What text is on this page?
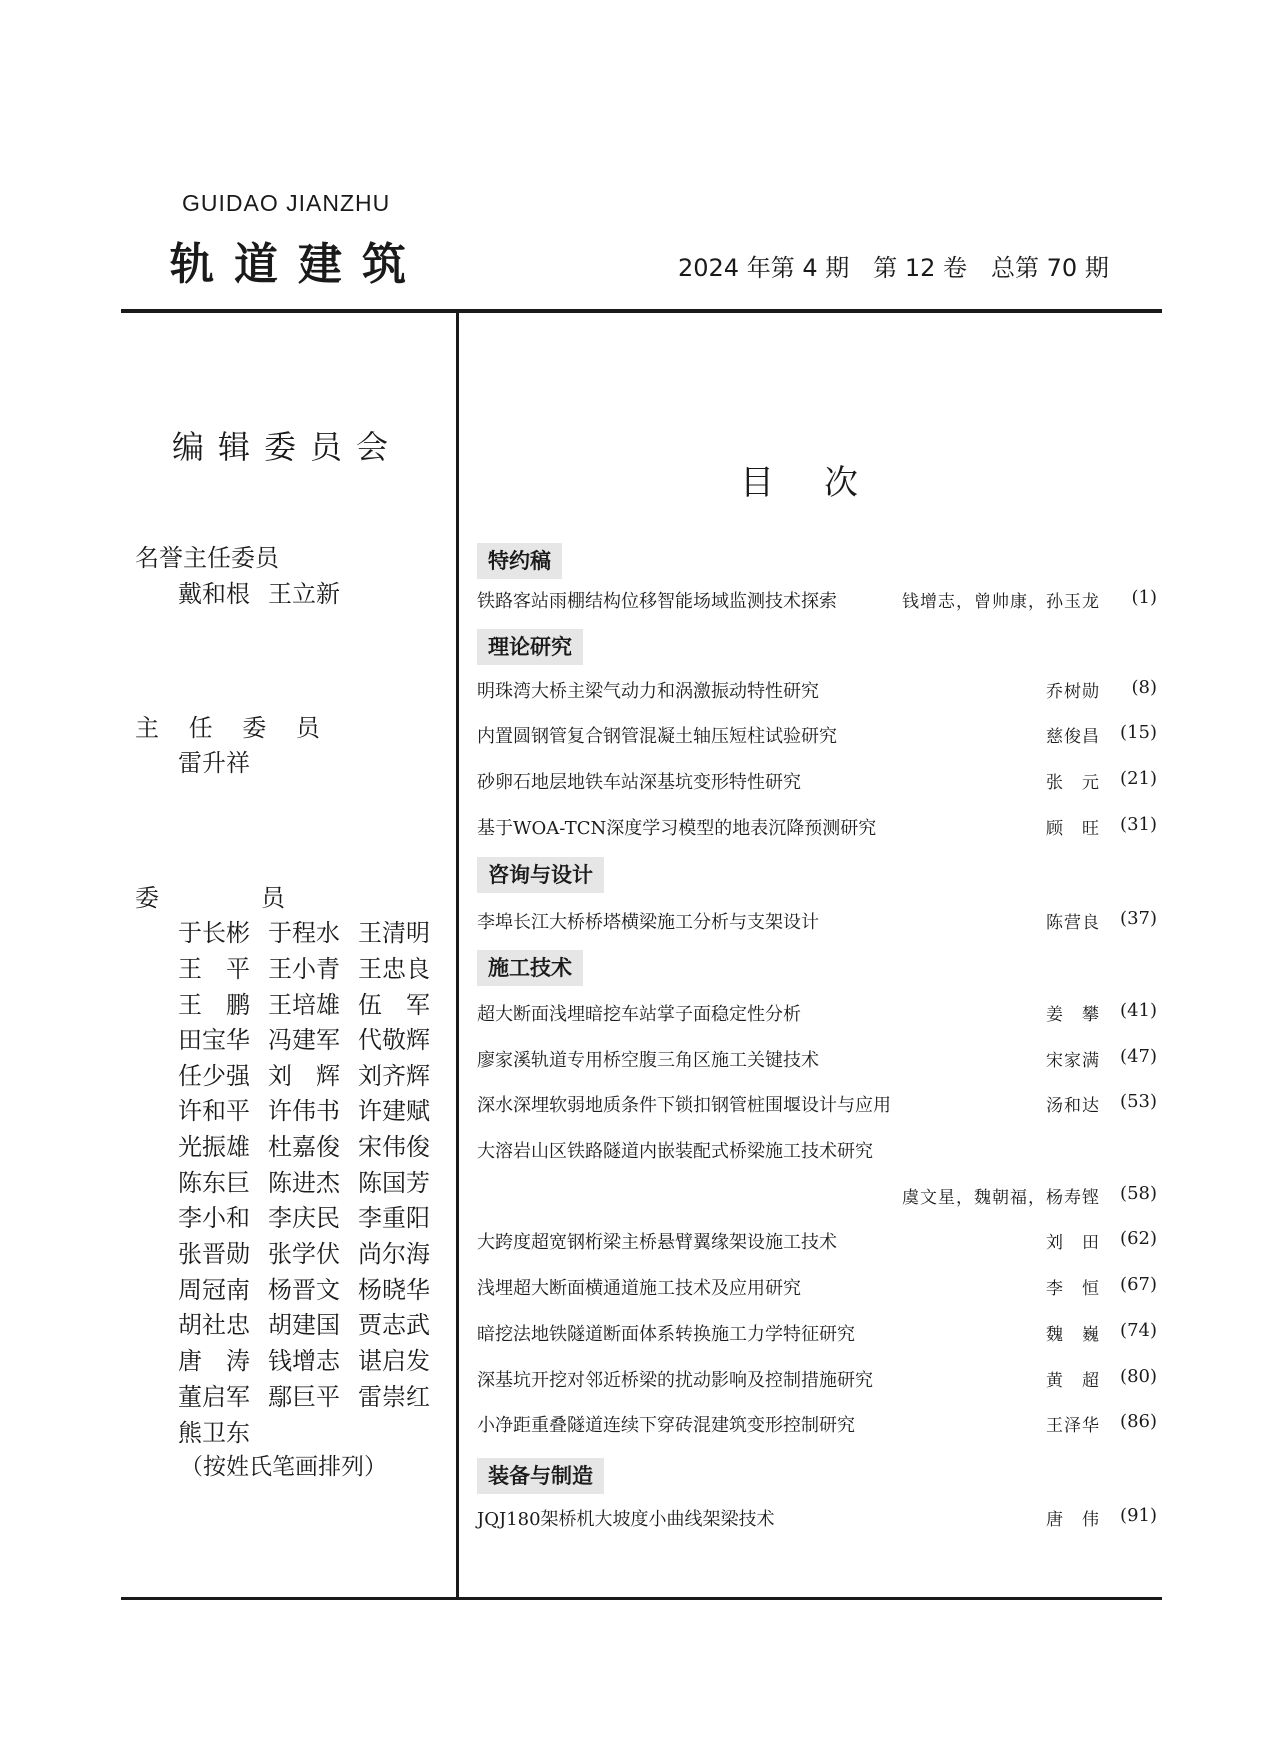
GUIDAO JIANZHU
轨道建筑	2024 年第 4 期 第 12 卷 总第 70 期
编辑委员会
名誉主任委员
戴和根 王立新
主 任 委 员
雷升祥
委	员
于长彬 于程水 王清明
王　平 王小青 王忠良
王　鹏 王培雄 伍　军
田宝华 冯建军 代敬辉
任少强 刘　辉 刘齐辉
许和平 许伟书 许建赋
光振雄 杜嘉俊 宋伟俊
陈东巨 陈进杰 陈国芳
李小和 李庆民 李重阳
张晋勋 张学伏 尚尔海
周冠南 杨晋文 杨晓华
胡社忠 胡建国 贾志武
唐　涛 钱增志 谌启发
董启军 鄢巨平 雷崇红
熊卫东
（按姓氏笔画排列）
目次
特约稿
铁路客站雨棚结构位移智能场域监测技术探索	钱增志，曾帅康，孙玉龙 (1)
理论研究
明珠湾大桥主梁气动力和涡激振动特性研究	乔树勋 (8)
内置圆钢管复合钢管混凝土轴压短柱试验研究	慈俊昌 (15)
砂卵石地层地铁车站深基坑变形特性研究	张　元 (21)
基于WOA-TCN深度学习模型的地表沉降预测研究	顾　旺 (31)
咨询与设计
李埠长江大桥桥塔横梁施工分析与支架设计	陈营良 (37)
施工技术
超大断面浅埋暗挖车站掌子面稳定性分析	姜　攀 (41)
廖家溪轨道专用桥空腹三角区施工关键技术	宋家满 (47)
深水深埋软弱地质条件下锁扣钢管桩围堰设计与应用	汤和达 (53)
大溶岩山区铁路隧道内嵌装配式桥梁施工技术研究
虞文星，魏朝福，杨寿铿 (58)
大跨度超宽钢桁梁主桥悬臂翼缘架设施工技术	刘　田 (62)
浅埋超大断面横通道施工技术及应用研究	李　恒 (67)
暗挖法地铁隧道断面体系转换施工力学特征研究	魏　巍 (74)
深基坑开挖对邻近桥梁的扰动影响及控制措施研究	黄　超 (80)
小净距重叠隧道连续下穿砖混建筑变形控制研究	王泽华 (86)
装备与制造
JQJ180架桥机大坡度小曲线架梁技术	唐　伟 (91)
